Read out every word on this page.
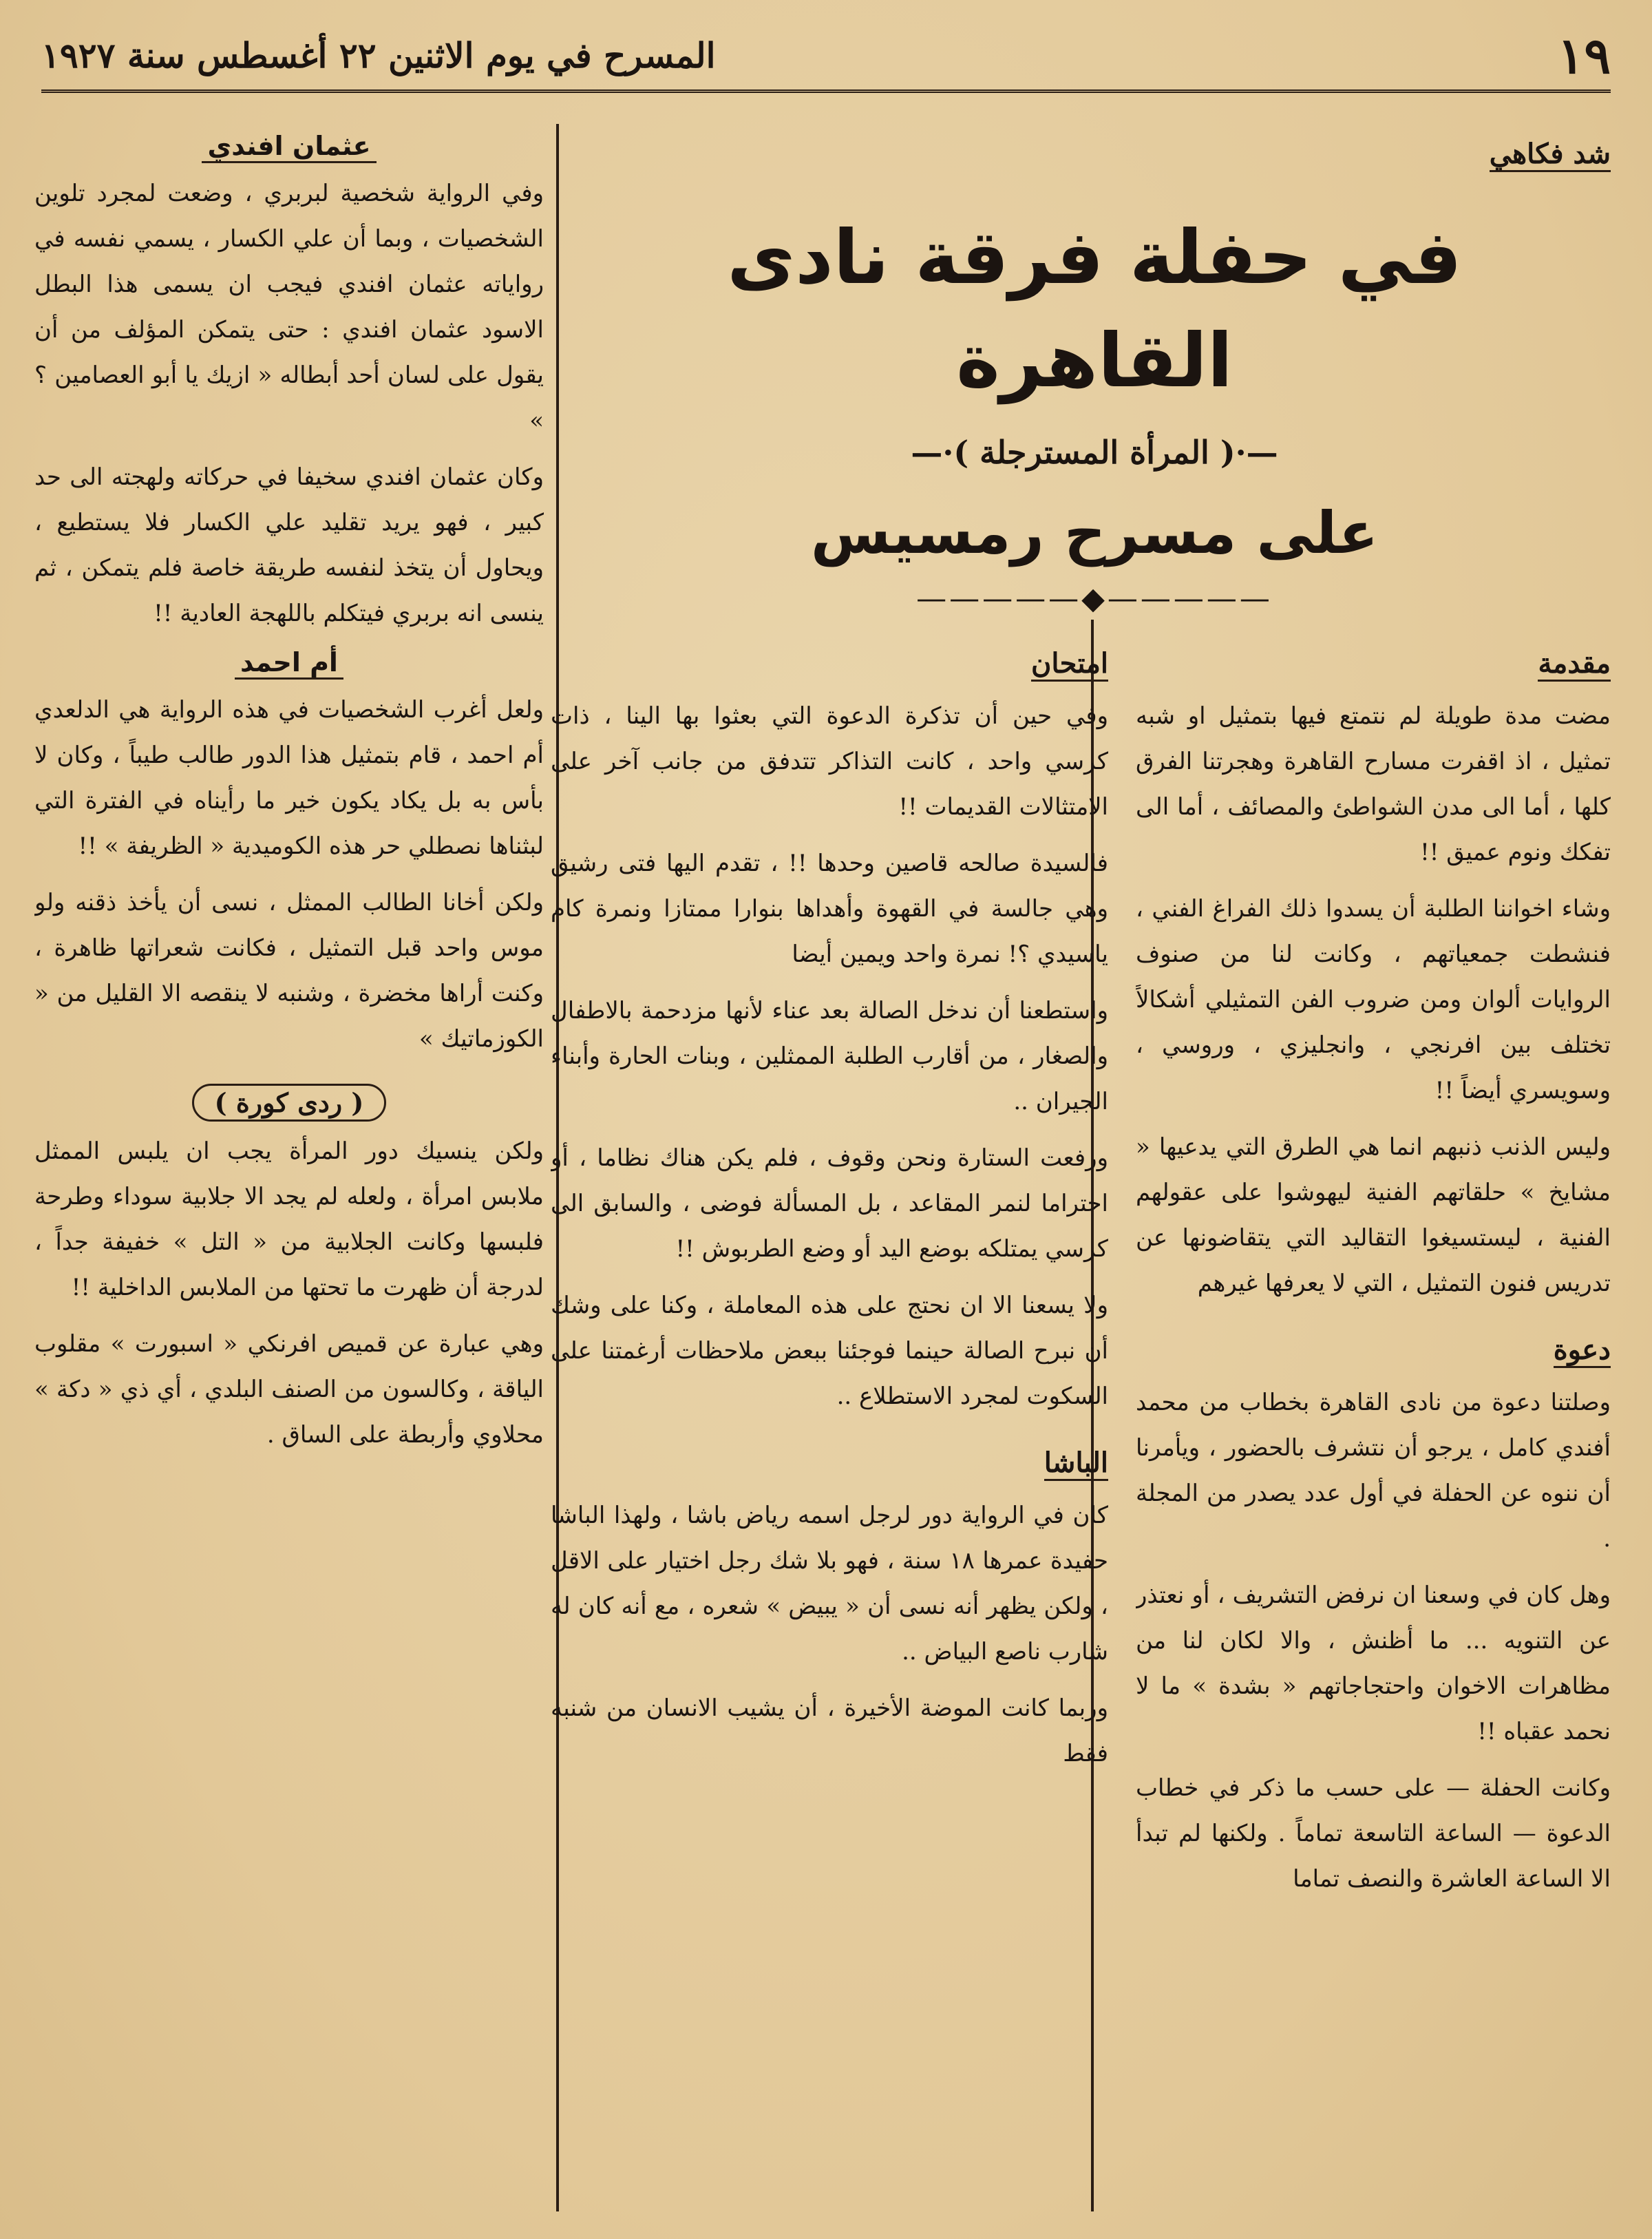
١٩
المسرح في يوم الاثنين ٢٢ أغسطس سنة ١٩٢٧
شد فكاهي
في حفلة فرقة نادى القاهرة
—·( المرأة المسترجلة )·—
على مسرح رمسيس
—————◆—————
مقدمة

مضت مدة طويلة لم نتمتع فيها بتمثيل او شبه تمثيل ، اذ اقفرت مسارح القاهرة وهجرتنا الفرق كلها ، أما الى مدن الشواطئ والمصائف ، أما الى تفكك ونوم عميق !!

وشاء اخواننا الطلبة أن يسدوا ذلك الفراغ الفني ، فنشطت جمعياتهم ، وكانت لنا من صنوف الروايات ألوان ومن ضروب الفن التمثيلي أشكالاً تختلف بين افرنجي ، وانجليزي ، وروسي ، وسويسري أيضاً !!

وليس الذنب ذنبهم انما هي الطرق التي يدعيها « مشايخ » حلقاتهم الفنية ليهوشوا على عقولهم الفنية ، ليستسيغوا التقاليد التي يتقاضونها عن تدريس فنون التمثيل ، التي لا يعرفها غيرهم

دعوة

وصلتنا دعوة من نادى القاهرة بخطاب من محمد أفندي كامل ، يرجو أن نتشرف بالحضور ، ويأمرنا أن ننوه عن الحفلة في أول عدد يصدر من المجلة .

وهل كان في وسعنا ان نرفض التشريف ، أو نعتذر عن التنويه ... ما أظنش ، والا لكان لنا من مظاهرات الاخوان واحتجاجاتهم « بشدة » ما لا نحمد عقباه !!

وكانت الحفلة — على حسب ما ذكر في خطاب الدعوة — الساعة التاسعة تماماً . ولكنها لم تبدأ الا الساعة العاشرة والنصف تماما

امتحان

وفي حين أن تذكرة الدعوة التي بعثوا بها الينا ، ذات كرسي واحد ، كانت التذاكر تتدفق من جانب آخر على الامتثالات القديمات !!

فالسيدة صالحه قاصين وحدها !! ، تقدم اليها فتى رشيق وهي جالسة في القهوة وأهداها بنوارا ممتازا ونمرة كام ياسيدي ؟! نمرة واحد ويمين أيضا

واستطعنا أن ندخل الصالة بعد عناء لأنها مزدحمة بالاطفال والصغار ، من أقارب الطلبة الممثلين ، وبنات الحارة وأبناء الجيران ..

ورفعت الستارة ونحن وقوف ، فلم يكن هناك نظاما ، أو احتراما لنمر المقاعد ، بل المسألة فوضى ، والسابق الى كرسي يمتلكه بوضع اليد أو وضع الطربوش !!

ولا يسعنا الا ان نحتج على هذه المعاملة ، وكنا على وشك أن نبرح الصالة حينما فوجئنا ببعض ملاحظات أرغمتنا على السكوت لمجرد الاستطلاع ..

الباشا

كان في الرواية دور لرجل اسمه رياض باشا ، ولهذا الباشا حفيدة عمرها ١٨ سنة ، فهو بلا شك رجل اختيار على الاقل ، ولكن يظهر أنه نسى أن « يبيض » شعره ، مع أنه كان له شارب ناصع البياض ..

وربما كانت الموضة الأخيرة ، أن يشيب الانسان من شنبه فقط

عثمان افندي

وفي الرواية شخصية لبربري ، وضعت لمجرد تلوين الشخصيات ، وبما أن علي الكسار ، يسمي نفسه في رواياته عثمان افندي فيجب ان يسمى هذا البطل الاسود عثمان افندي : حتى يتمكن المؤلف من أن يقول على لسان أحد أبطاله « ازيك يا أبو العصامين ؟ »

وكان عثمان افندي سخيفا في حركاته ولهجته الى حد كبير ، فهو يريد تقليد علي الكسار فلا يستطيع ، ويحاول أن يتخذ لنفسه طريقة خاصة فلم يتمكن ، ثم ينسى انه بربري فيتكلم باللهجة العادية !!

أم احمد

ولعل أغرب الشخصيات في هذه الرواية هي الدلعدي أم احمد ، قام بتمثيل هذا الدور طالب طيباً ، وكان لا بأس به بل يكاد يكون خير ما رأيناه في الفترة التي لبثناها نصطلي حر هذه الكوميدية « الظريفة » !!

ولكن أخانا الطالب الممثل ، نسى أن يأخذ ذقنه ولو موس واحد قبل التمثيل ، فكانت شعراتها ظاهرة ، وكنت أراها مخضرة ، وشنبه لا ينقصه الا القليل من « الكوزماتيك »

( ردى كورة )

ولكن ينسيك دور المرأة يجب ان يلبس الممثل ملابس امرأة ، ولعله لم يجد الا جلابية سوداء وطرحة فلبسها وكانت الجلابية من « التل » خفيفة جداً ، لدرجة أن ظهرت ما تحتها من الملابس الداخلية !!

وهي عبارة عن قميص افرنكي « اسبورت » مقلوب الياقة ، وكالسون من الصنف البلدي ، أي ذي « دكة » محلاوي وأربطة على الساق .
